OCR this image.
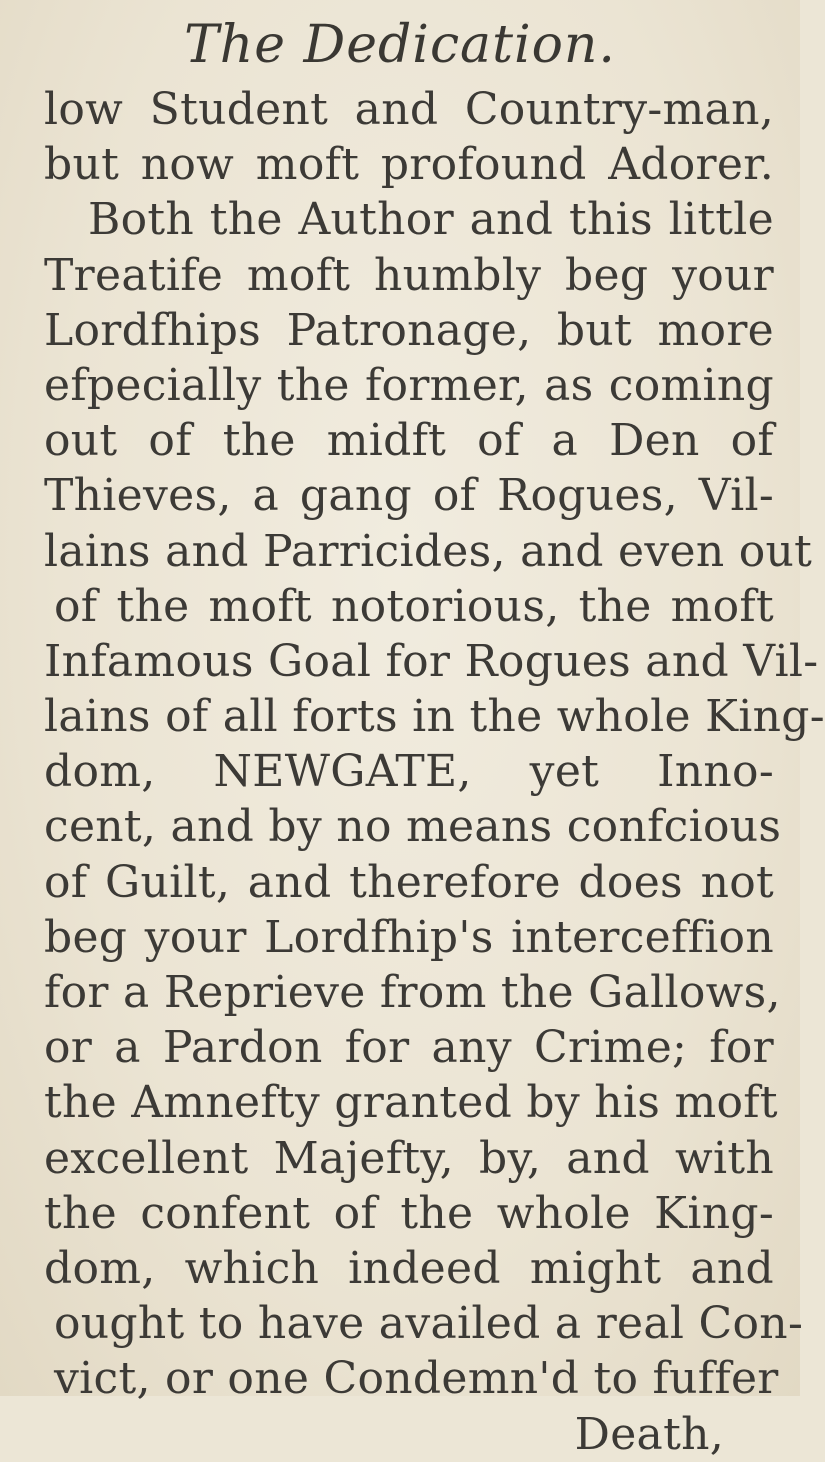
The Dedication.
low Student and Country-man,
but now moft profound Adorer.
Both the Author and this little
Treatife moft humbly beg your
Lordfhips Patronage, but more
efpecially the former, as coming
out of the midft of a Den of
Thieves, a gang of Rogues, Vil-
lains and Parricides, and even out
of the moft notorious, the moft
Infamous Goal for Rogues and Vil-
lains of all forts in the whole King-
dom, NEWGATE, yet Inno-
cent, and by no means confcious
of Guilt, and therefore does not
beg your Lordfhip's interceffion
for a Reprieve from the Gallows,
or a Pardon for any Crime; for
the Amnefty granted by his moft
excellent Majefty, by, and with
the confent of the whole King-
dom, which indeed might and
ought to have availed a real Con-
vict, or one Condemn'd to fuffer
Death,
